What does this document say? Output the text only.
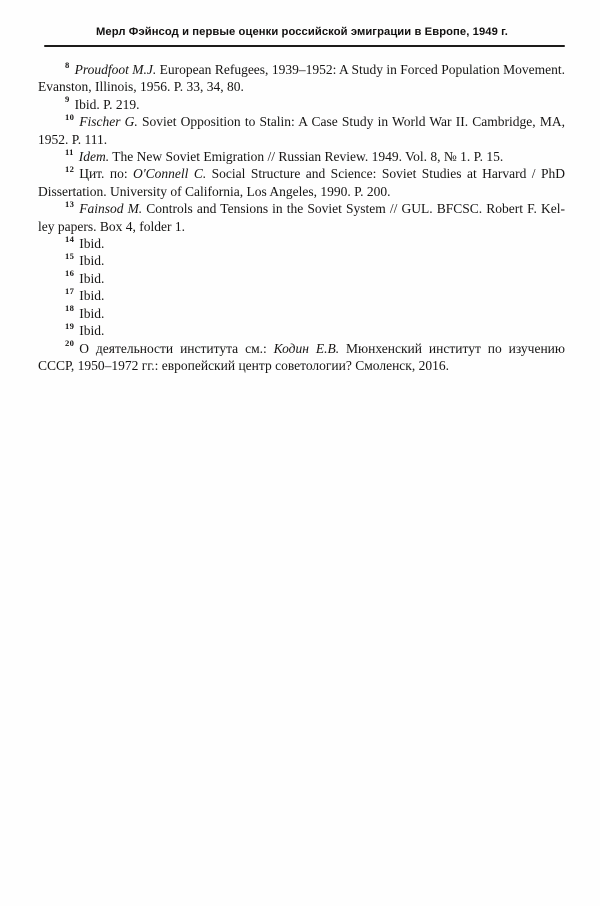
Мерл Фэйнсод и первые оценки российской эмиграции в Европе, 1949 г.

$^8$ Proudfoot M.J. European Refugees, 1939–1952: A Study in Forced Population Movement. Evanston, Illinois, 1956. P. 33, 34, 80.

$^9$ Ibid. P. 219.

$^{10}$ Fischer G. Soviet Opposition to Stalin: A Case Study in World War II. Cambridge, MA, 1952. P. 111.

$^{11}$ Idem. The New Soviet Emigration // Russian Review. 1949. Vol. 8, № 1. P. 15.

$^{12}$ Цит. по: O'Connell C. Social Structure and Science: Soviet Studies at Harvard / PhD Dissertation. University of California, Los Angeles, 1990. P. 200.

$^{13}$ Fainsod M. Controls and Tensions in the Soviet System // GUL. BFCSC. Robert F. Kelley papers. Box 4, folder 1.

$^{14}$ Ibid.

$^{15}$ Ibid.

$^{16}$ Ibid.

$^{17}$ Ibid.

$^{18}$ Ibid.

$^{19}$ Ibid.

$^{20}$ О деятельности института см.: Кодин Е.В. Мюнхенский институт по изучению СССР, 1950–1972 гг.: европейский центр советологии? Смоленск, 2016.
